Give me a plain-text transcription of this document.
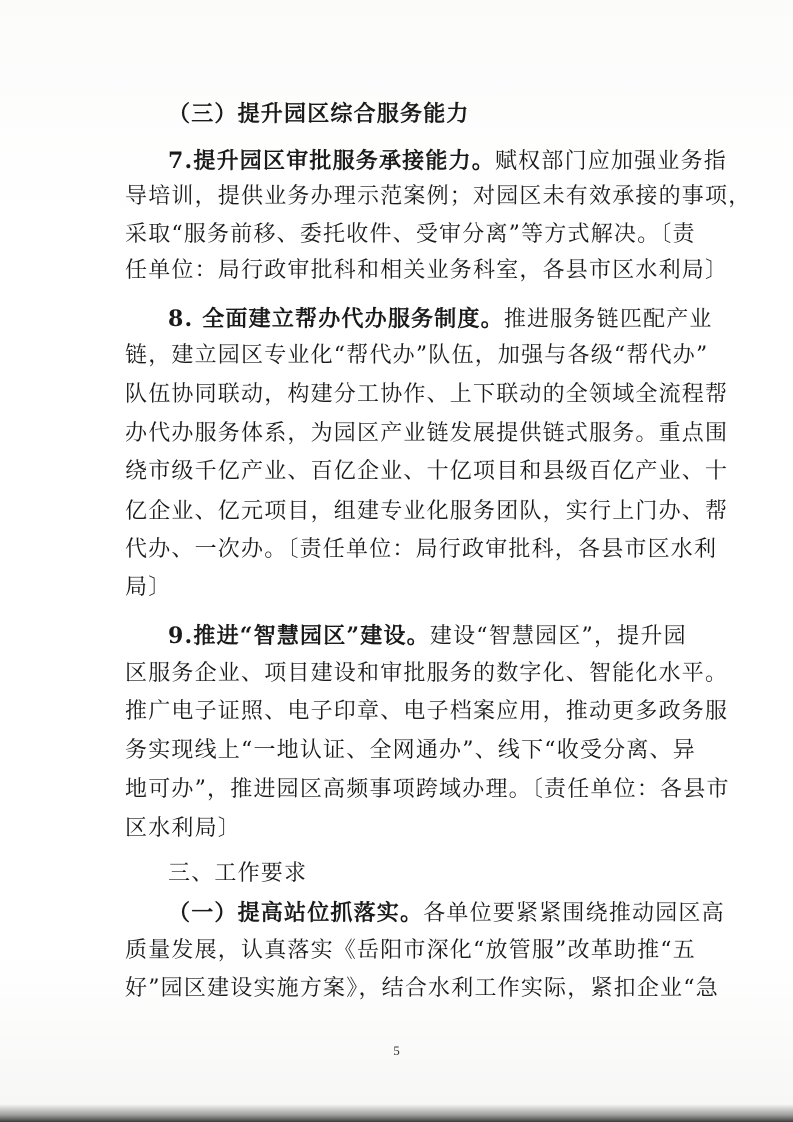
（三）提升园区综合服务能力
7.提升园区审批服务承接能力。赋权部门应加强业务指
导培训，提供业务办理示范案例；对园区未有效承接的事项，
采取“服务前移、委托收件、受审分离”等方式解决。〔责
任单位：局行政审批科和相关业务科室，各县市区水利局〕
8. 全面建立帮办代办服务制度。推进服务链匹配产业
链，建立园区专业化“帮代办”队伍，加强与各级“帮代办”
队伍协同联动，构建分工协作、上下联动的全领域全流程帮
办代办服务体系，为园区产业链发展提供链式服务。重点围
绕市级千亿产业、百亿企业、十亿项目和县级百亿产业、十
亿企业、亿元项目，组建专业化服务团队，实行上门办、帮
代办、一次办。〔责任单位：局行政审批科，各县市区水利
局〕
9.推进“智慧园区”建设。建设“智慧园区”，提升园
区服务企业、项目建设和审批服务的数字化、智能化水平。
推广电子证照、电子印章、电子档案应用，推动更多政务服
务实现线上“一地认证、全网通办”、线下“收受分离、异
地可办”，推进园区高频事项跨域办理。〔责任单位：各县市
区水利局〕
三、工作要求
（一）提高站位抓落实。各单位要紧紧围绕推动园区高
质量发展，认真落实《岳阳市深化“放管服”改革助推“五
好”园区建设实施方案》，结合水利工作实际，紧扣企业“急
5
